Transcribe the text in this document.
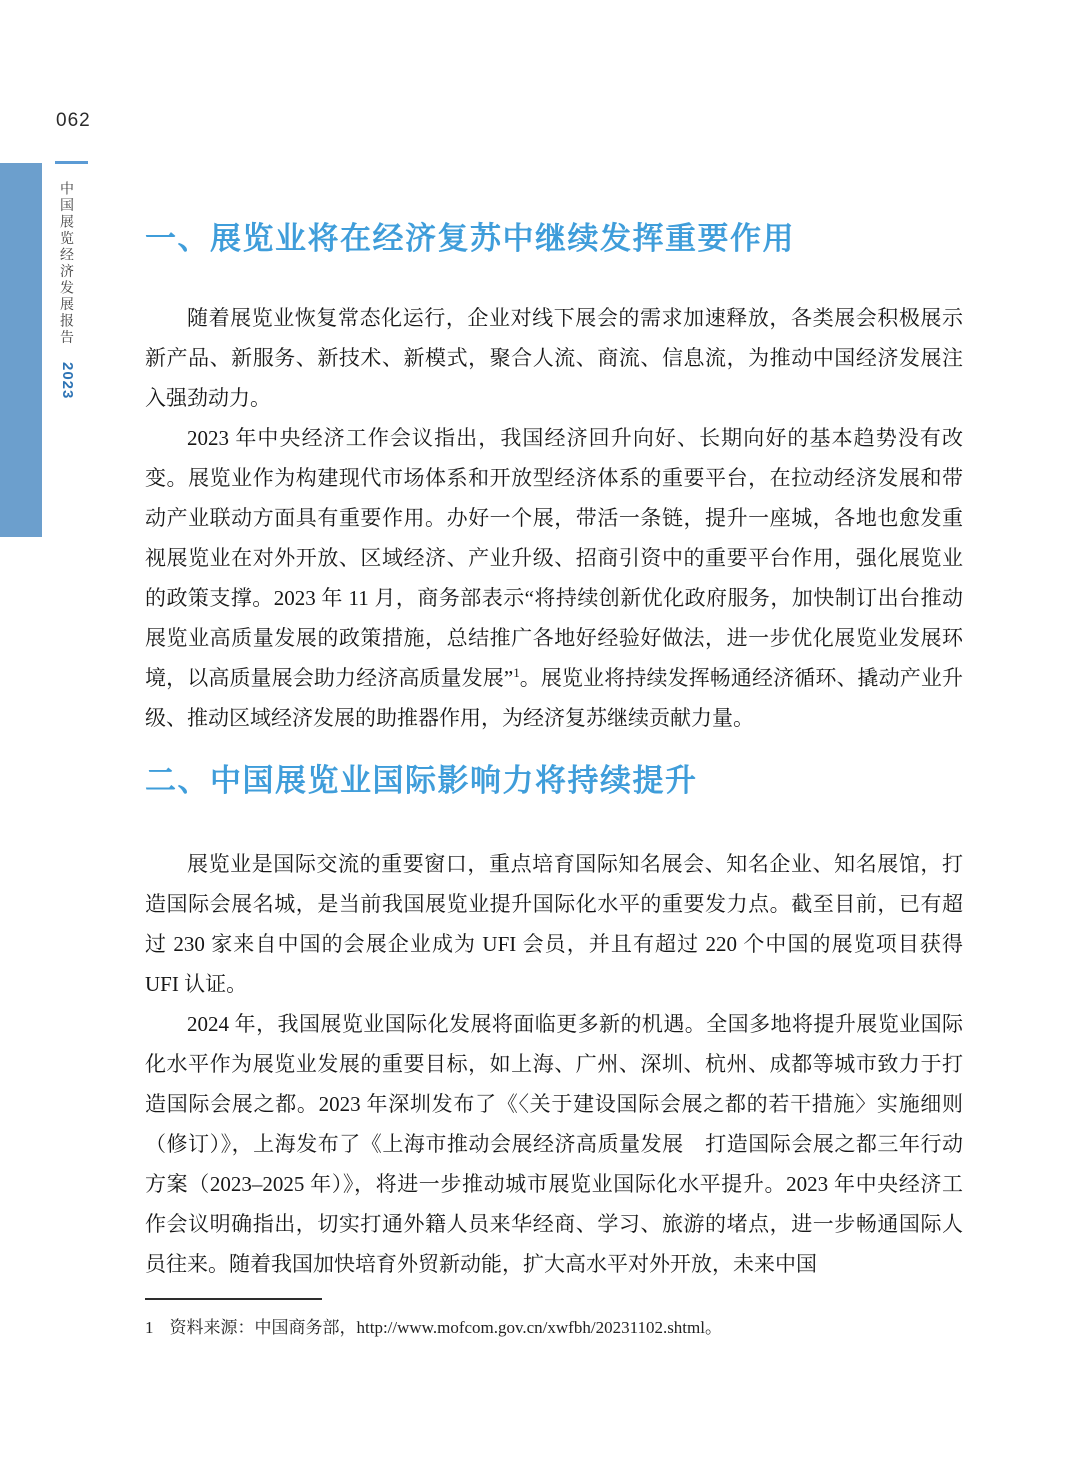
062
中国展览经济发展报告 2023
一、展览业将在经济复苏中继续发挥重要作用

随着展览业恢复常态化运行，企业对线下展会的需求加速释放，各类展会积极展示新产品、新服务、新技术、新模式，聚合人流、商流、信息流，为推动中国经济发展注入强劲动力。

2023 年中央经济工作会议指出，我国经济回升向好、长期向好的基本趋势没有改变。展览业作为构建现代市场体系和开放型经济体系的重要平台，在拉动经济发展和带动产业联动方面具有重要作用。办好一个展，带活一条链，提升一座城，各地也愈发重视展览业在对外开放、区域经济、产业升级、招商引资中的重要平台作用，强化展览业的政策支撑。2023 年 11 月，商务部表示“将持续创新优化政府服务，加快制订出台推动展览业高质量发展的政策措施，总结推广各地好经验好做法，进一步优化展览业发展环境，以高质量展会助力经济高质量发展”$^1$。展览业将持续发挥畅通经济循环、撬动产业升级、推动区域经济发展的助推器作用，为经济复苏继续贡献力量。

二、中国展览业国际影响力将持续提升

展览业是国际交流的重要窗口，重点培育国际知名展会、知名企业、知名展馆，打造国际会展名城，是当前我国展览业提升国际化水平的重要发力点。截至目前，已有超过 230 家来自中国的会展企业成为 UFI 会员，并且有超过 220 个中国的展览项目获得 UFI 认证。

2024 年，我国展览业国际化发展将面临更多新的机遇。全国多地将提升展览业国际化水平作为展览业发展的重要目标，如上海、广州、深圳、杭州、成都等城市致力于打造国际会展之都。2023 年深圳发布了《〈关于建设国际会展之都的若干措施〉实施细则（修订）》，上海发布了《上海市推动会展经济高质量发展　打造国际会展之都三年行动方案（2023–2025 年）》，将进一步推动城市展览业国际化水平提升。2023 年中央经济工作会议明确指出，切实打通外籍人员来华经商、学习、旅游的堵点，进一步畅通国际人员往来。随着我国加快培育外贸新动能，扩大高水平对外开放，未来中国

1 资料来源：中国商务部，http://www.mofcom.gov.cn/xwfbh/20231102.shtml。
